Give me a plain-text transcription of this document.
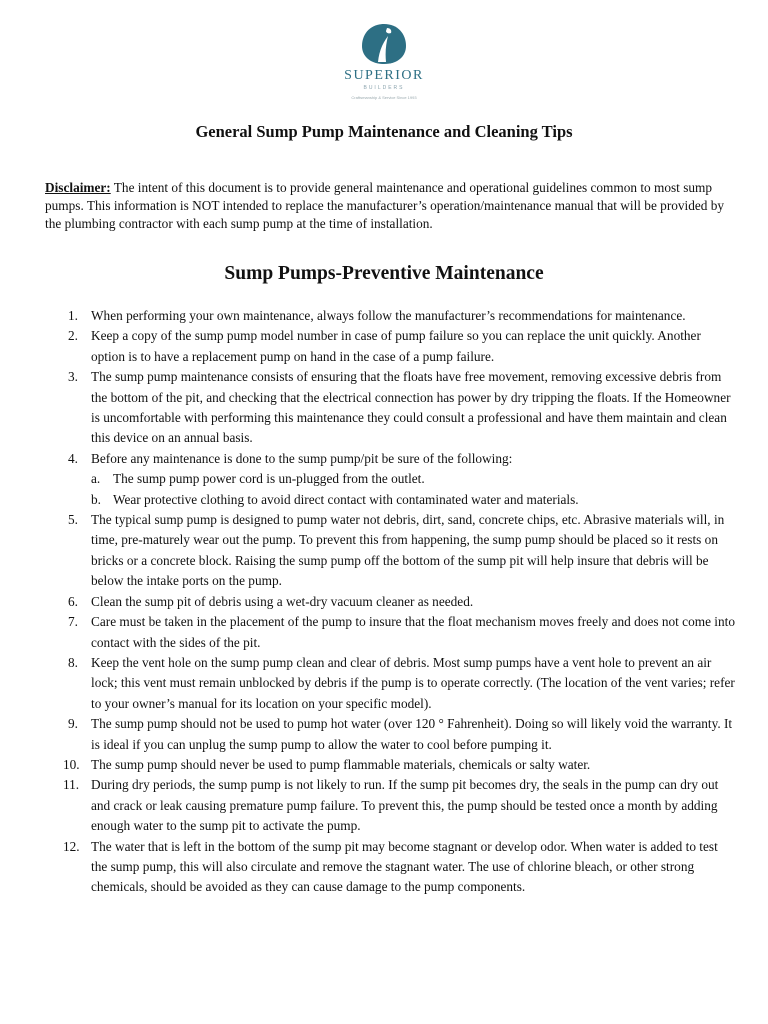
SUPERIOR
BUILDERS
Craftsmanship & Service Since 1993
General Sump Pump Maintenance and Cleaning Tips

Disclaimer: The intent of this document is to provide general maintenance and operational guidelines common to most sump pumps. This information is NOT intended to replace the manufacturer’s operation/maintenance manual that will be provided by the plumbing contractor with each sump pump at the time of installation.

Sump Pumps-Preventive Maintenance
1. When performing your own maintenance, always follow the manufacturer’s recommendations for maintenance.
2. Keep a copy of the sump pump model number in case of pump failure so you can replace the unit quickly. Another option is to have a replacement pump on hand in the case of a pump failure.
3. The sump pump maintenance consists of ensuring that the floats have free movement, removing excessive debris from the bottom of the pit, and checking that the electrical connection has power by dry tripping the floats. If the Homeowner is uncomfortable with performing this maintenance they could consult a professional and have them maintain and clean this device on an annual basis.
4. Before any maintenance is done to the sump pump/pit be sure of the following:
a. The sump pump power cord is un-plugged from the outlet.
b. Wear protective clothing to avoid direct contact with contaminated water and materials.
5. The typical sump pump is designed to pump water not debris, dirt, sand, concrete chips, etc. Abrasive materials will, in time, pre-maturely wear out the pump. To prevent this from happening, the sump pump should be placed so it rests on bricks or a concrete block. Raising the sump pump off the bottom of the sump pit will help insure that debris will be below the intake ports on the pump.
6. Clean the sump pit of debris using a wet-dry vacuum cleaner as needed.
7. Care must be taken in the placement of the pump to insure that the float mechanism moves freely and does not come into contact with the sides of the pit.
8. Keep the vent hole on the sump pump clean and clear of debris. Most sump pumps have a vent hole to prevent an air lock; this vent must remain unblocked by debris if the pump is to operate correctly. (The location of the vent varies; refer to your owner’s manual for its location on your specific model).
9. The sump pump should not be used to pump hot water (over 120 ° Fahrenheit). Doing so will likely void the warranty. It is ideal if you can unplug the sump pump to allow the water to cool before pumping it.
10. The sump pump should never be used to pump flammable materials, chemicals or salty water.
11. During dry periods, the sump pump is not likely to run. If the sump pit becomes dry, the seals in the pump can dry out and crack or leak causing premature pump failure. To prevent this, the pump should be tested once a month by adding enough water to the sump pit to activate the pump.
12. The water that is left in the bottom of the sump pit may become stagnant or develop odor. When water is added to test the sump pump, this will also circulate and remove the stagnant water. The use of chlorine bleach, or other strong chemicals, should be avoided as they can cause damage to the pump components.
